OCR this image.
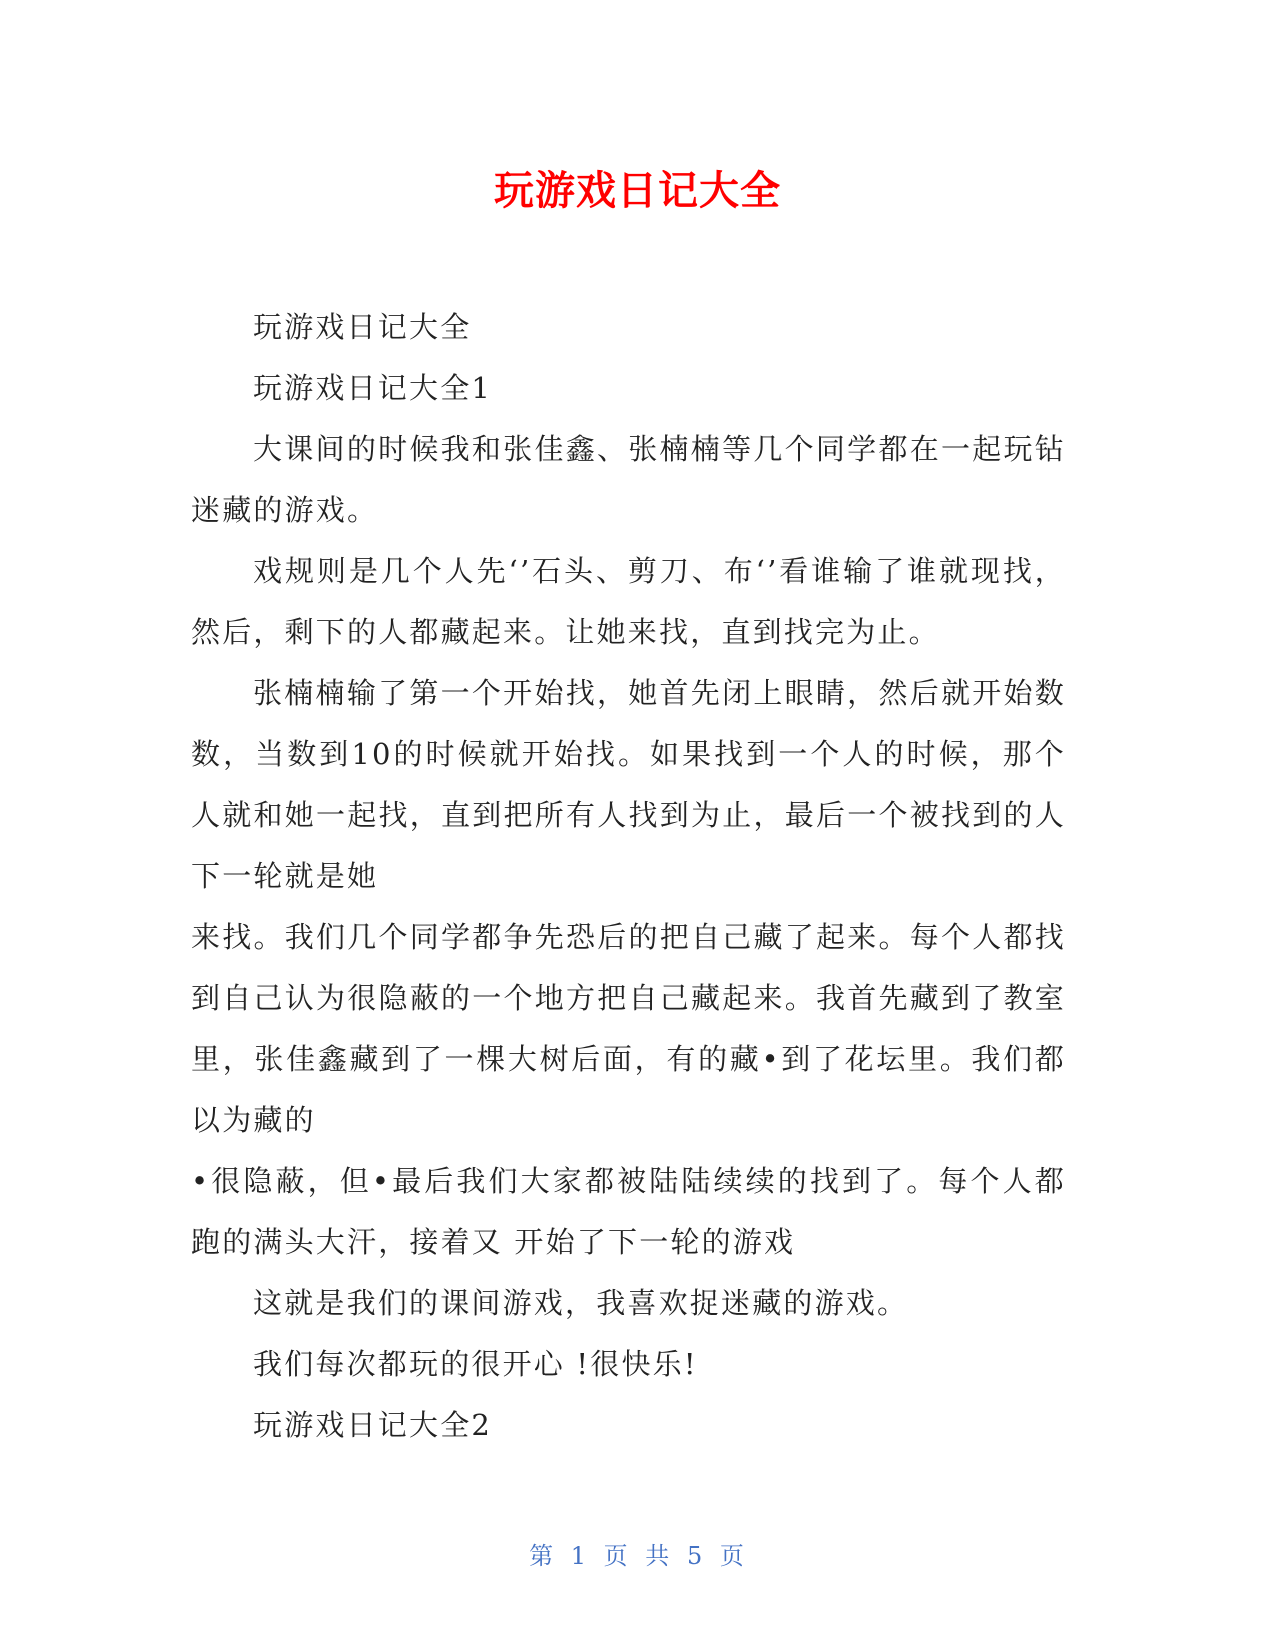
玩游戏日记大全

玩游戏日记大全

玩游戏日记大全1

大课间的时候我和张佳鑫、张楠楠等几个同学都在一起玩钻迷藏的游戏。

戏规则是几个人先‘’石头、剪刀、布‘’看谁输了谁就现找，然后，剩下的人都藏起来。让她来找，直到找完为止。

张楠楠输了第一个开始找，她首先闭上眼睛，然后就开始数数，当数到10的时候就开始找。如果找到一个人的时候，那个人就和她一起找，直到把所有人找到为止，最后一个被找到的人下一轮就是她

来找。我们几个同学都争先恐后的把自己藏了起来。每个人都找到自己认为很隐蔽的一个地方把自己藏起来。我首先藏到了教室里，张佳鑫藏到了一棵大树后面，有的藏•到了花坛里。我们都以为藏的

•很隐蔽，但•最后我们大家都被陆陆续续的找到了。每个人都跑的满头大汗，接着又 开始了下一轮的游戏

这就是我们的课间游戏，我喜欢捉迷藏的游戏。

我们每次都玩的很开心 !很快乐!

玩游戏日记大全2

第 1 页 共 5 页
